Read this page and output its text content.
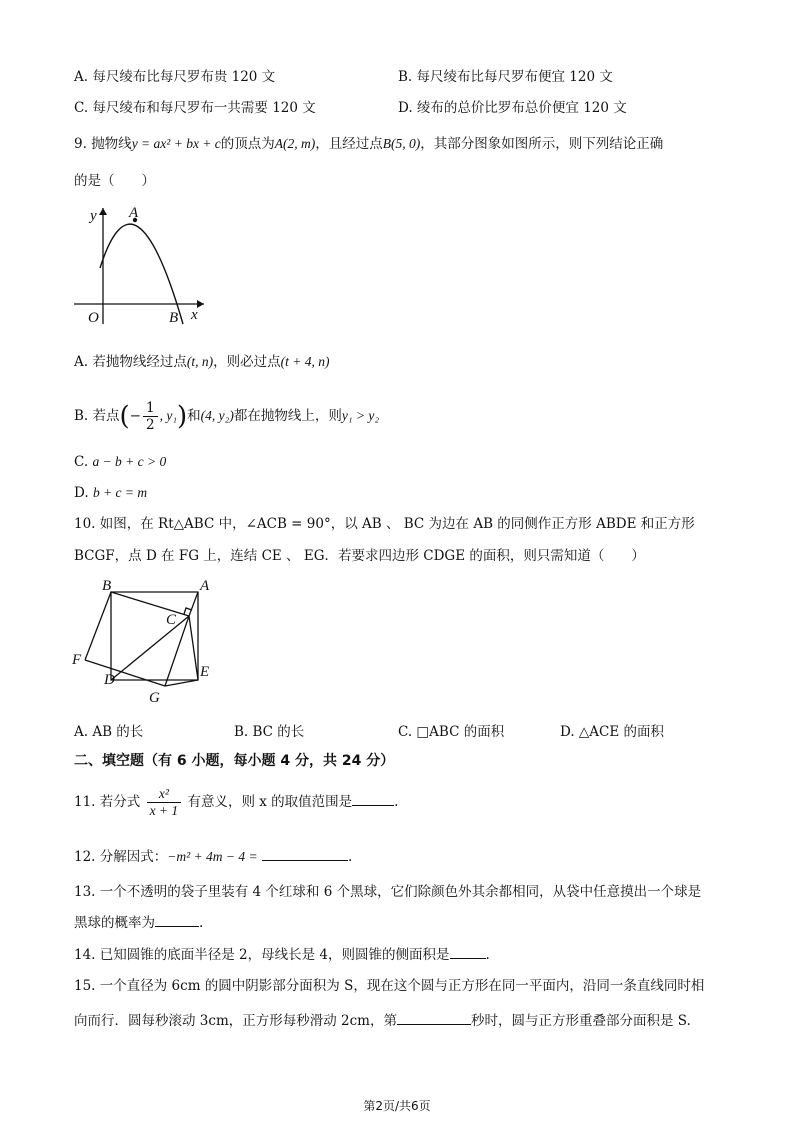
A. 每尺绫布比每尺罗布贵 120 文	B. 每尺绫布比每尺罗布便宜 120 文
C. 每尺绫布和每尺罗布一共需要 120 文	D. 绫布的总价比罗布总价便宜 120 文
9. 抛物线y = ax² + bx + c的顶点为A(2, m)，且经过点B(5, 0)，其部分图象如图所示，则下列结论正确
的是（　　）
y A
O	B x
A. 若抛物线经过点(t, n)，则必过点(t + 4, n)
B. 若点(− $\frac{1}{2}$ , y₁)和(4, y₂)都在抛物线上，则y₁ > y₂
C. a − b + c > 0
D. b + c = m
10. 如图，在 Rt△ABC 中，∠ACB = 90°，以 AB 、 BC 为边在 AB 的同侧作正方形 ABDE 和正方形
BCGF，点 D 在 FG 上，连结 CE 、 EG．若要求四边形 CDGE 的面积，则只需知道（　　）
B	A
C
F
E
D
G
A. AB 的长	B. BC 的长	C. □ABC 的面积	D. △ACE 的面积
二、填空题（有 6 小题，每小题 4 分，共 24 分）
11. 若分式 $\frac{\text{x²}}{x + 1}$ 有意义，则 x 的取值范围是	.
12. 分解因式：−m² + 4m − 4 =	.
13. 一个不透明的袋子里装有 4 个红球和 6 个黑球，它们除颜色外其余都相同，从袋中任意摸出一个球是
黑球的概率为	.
14. 已知圆锥的底面半径是 2，母线长是 4，则圆锥的侧面积是	.
15. 一个直径为 6cm 的圆中阴影部分面积为 S，现在这个圆与正方形在同一平面内，沿同一条直线同时相
向而行．圆每秒滚动 3cm，正方形每秒滑动 2cm，第	秒时，圆与正方形重叠部分面积是 S.
第2页/共6页
